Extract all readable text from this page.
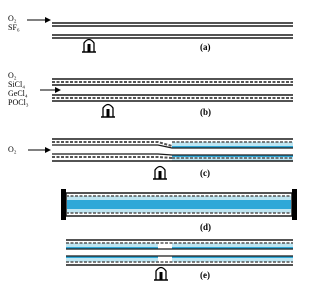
O₂
SF₆
O₂
SiCl₄
GeCl₄
POCl₃
O₂
(a)
(b)
(c)
(d)
(e)
